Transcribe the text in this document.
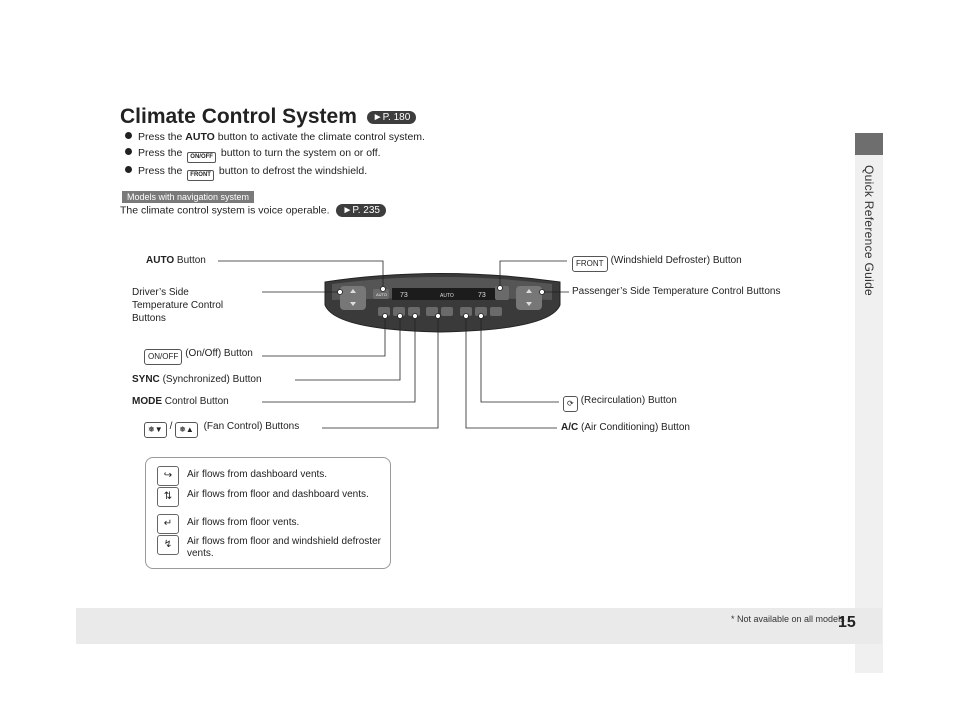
Quick Reference Guide
* Not available on all models
15
Climate Control System ►P. 180
Press the AUTO button to activate the climate control system.
Press the ON/OFF button to turn the system on or off.
Press the FRONT button to defrost the windshield.
Models with navigation system
The climate control system is voice operable. ►P. 235
73	AUTO	73
AUTO
AUTO Button
Driver’s Side
Temperature Control
Buttons
ON/OFF (On/Off) Button
SYNC (Synchronized) Button
MODE Control Button
❅▼ / ❅▲ (Fan Control) Buttons
FRONT (Windshield Defroster) Button
Passenger’s Side Temperature Control Buttons
⟳ (Recirculation) Button
A/C (Air Conditioning) Button
↪	Air flows from dashboard vents.
⇅	Air flows from floor and dashboard vents.
↵	Air flows from floor vents.
↯	Air flows from floor and windshield defroster vents.
